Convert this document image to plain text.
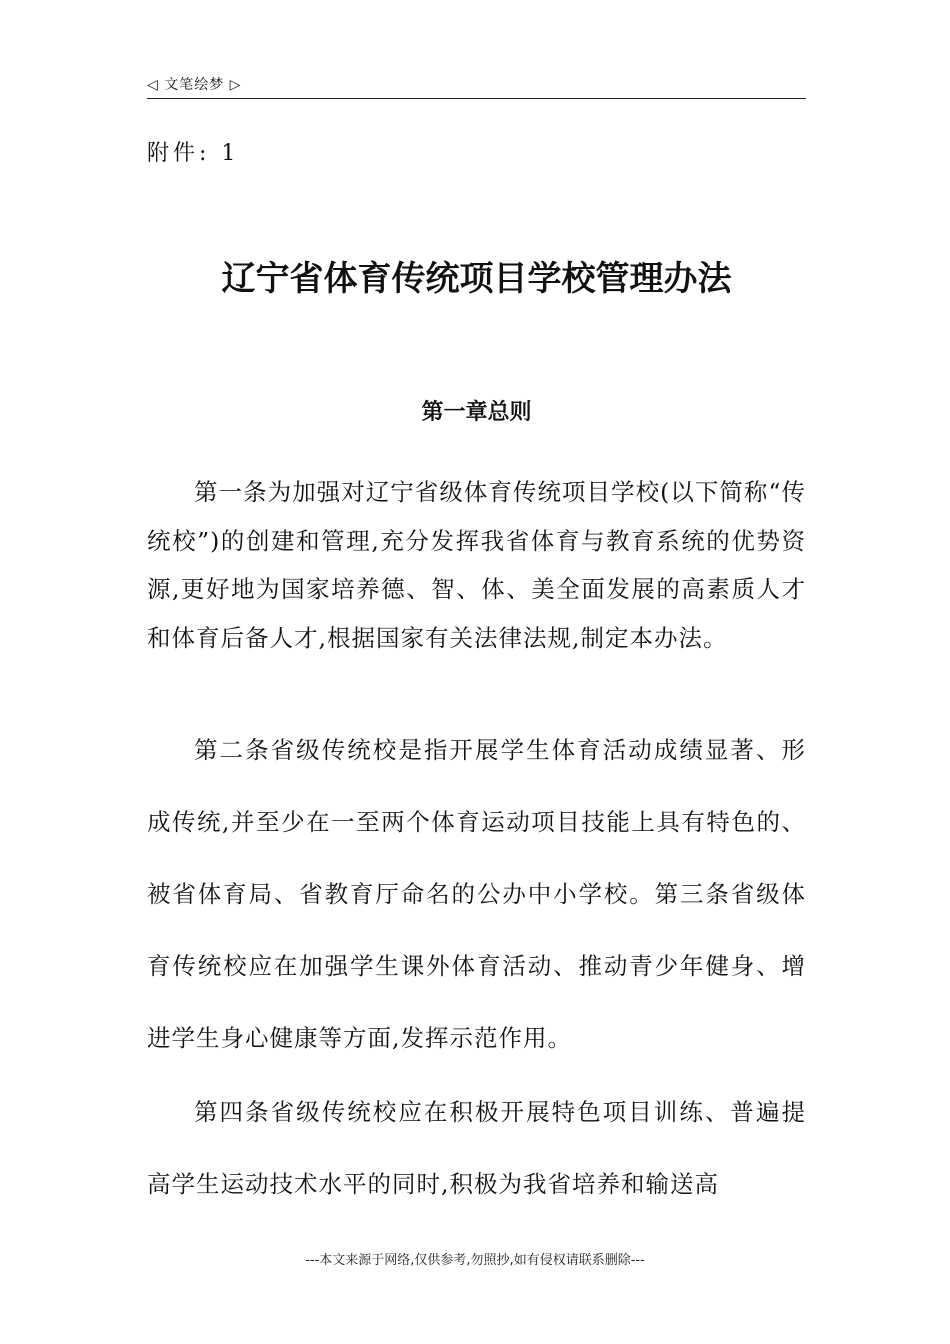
◁ 文笔绘梦 ▷
附件: 1
辽宁省体育传统项目学校管理办法
第一章总则

第一条为加强对辽宁省级体育传统项目学校(以下简称“传统校”)的创建和管理,充分发挥我省体育与教育系统的优势资源,更好地为国家培养德、智、体、美全面发展的高素质人才和体育后备人才,根据国家有关法律法规,制定本办法。

第二条省级传统校是指开展学生体育活动成绩显著、形成传统,并至少在一至两个体育运动项目技能上具有特色的、被省体育局、省教育厅命名的公办中小学校。第三条省级体育传统校应在加强学生课外体育活动、推动青少年健身、增进学生身心健康等方面,发挥示范作用。

第四条省级传统校应在积极开展特色项目训练、普遍提高学生运动技术水平的同时,积极为我省培养和输送高

---本文来源于网络,仅供参考,勿照抄,如有侵权请联系删除---
